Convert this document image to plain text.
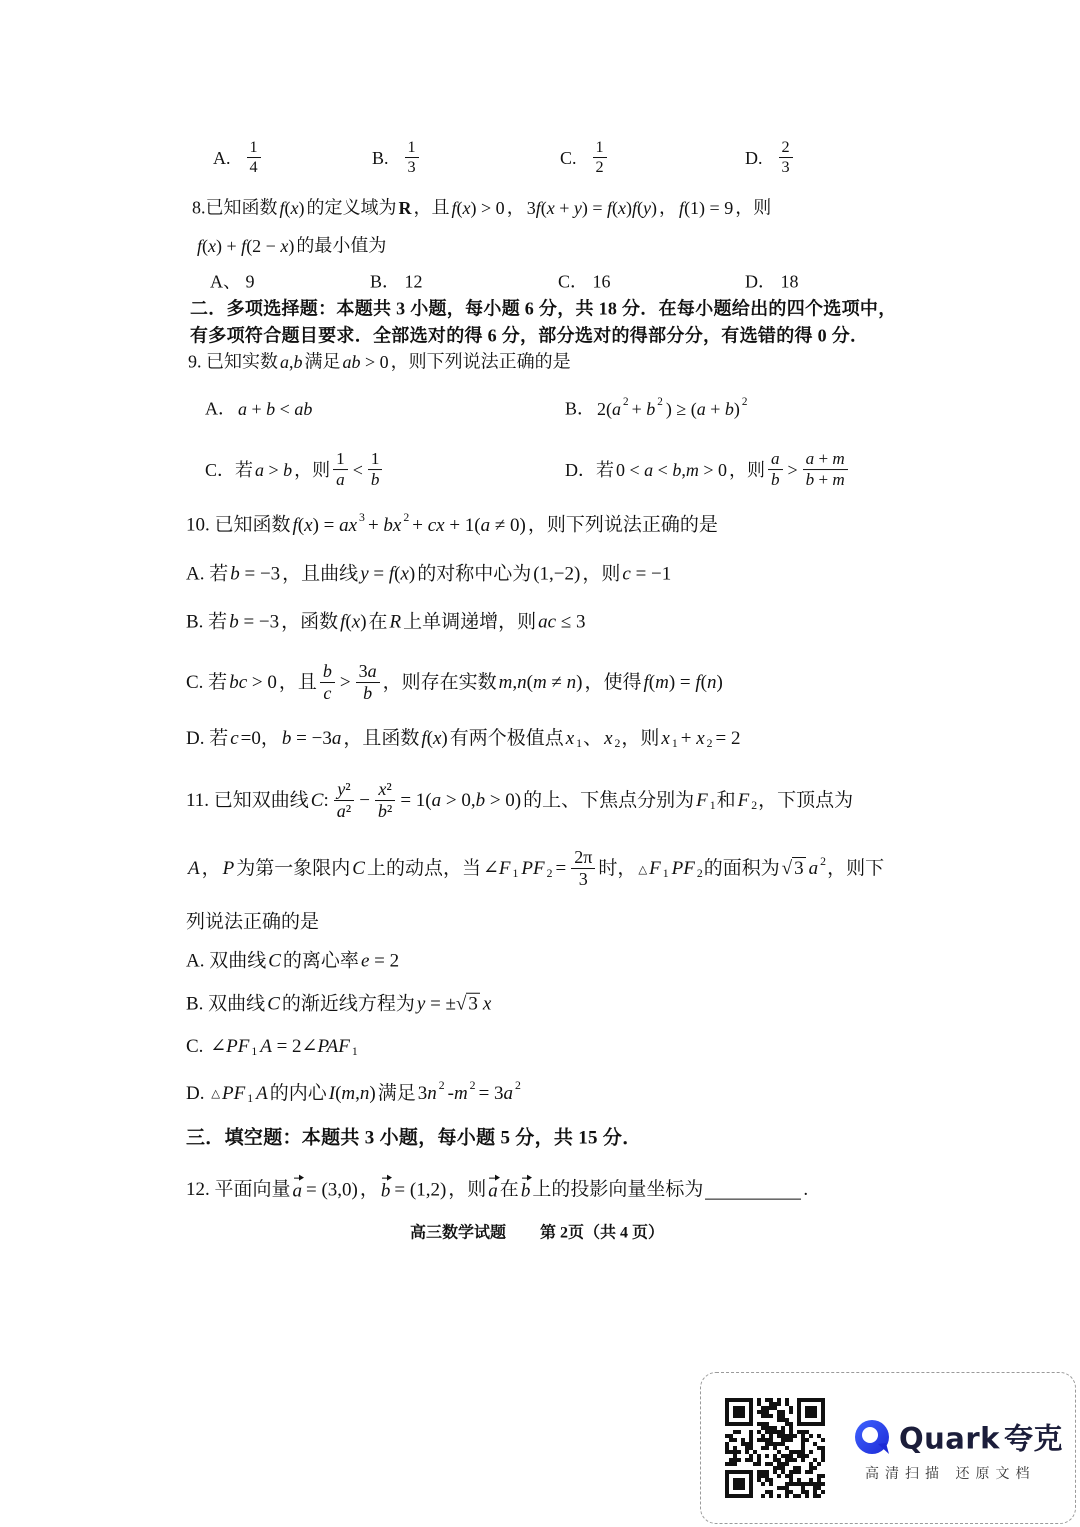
A. $\frac{1}{4}$	B. $\frac{1}{3}$	C. $\frac{1}{2}$	D. $\frac{2}{3}$
8.已知函数 f(x) 的定义域为 R ，且 f(x) > 0 ， 3f(x + y) = f(x)f(y) ， f(1) = 9 ，则
f(x) + f(2 − x) 的最小值为
A、 9	B． 12	C． 16	D． 18
二．多项选择题：本题共 3 小题，每小题 6 分，共 18 分．在每小题给出的四个选项中，
有多项符合题目要求．全部选对的得 6 分，部分选对的得部分分，有选错的得 0 分．
9. 已知实数 a,b 满足 ab > 0 ，则下列说法正确的是
A． a + b < ab	B． 2(a $^2$ + b $^2$ ) ≥ (a + b) $^2$
C．若 a > b ，则 $\frac{1}{a} < \frac{1}{b}$	D．若 0 < a < b,m > 0 ，则 $\frac{a}{b} > \frac{a + m}{b + m}$
10. 已知函数 f(x) = ax $^3$ + bx $^2$ + cx + 1(a ≠ 0) ，则下列说法正确的是
A. 若 b = −3 ，且曲线 y = f(x) 的对称中心为 (1,−2) ，则 c = −1
B. 若 b = −3 ，函数 f(x) 在 R 上单调递增，则 ac ≤ 3
C. 若 bc > 0 ，且 $\frac{b}{c} > \frac{3a}{b}$ ，则存在实数 m,n(m ≠ n) ，使得 f(m) = f(n)
D. 若 c =0， b = −3a ，且函数 f(x) 有两个极值点 x $_1$、 x $_2$，则 x $_1$ + x $_2$ = 2
11. 已知双曲线 C: $\frac{\text{y²}}{\text{a²}} - \frac{\text{x²}}{\text{b²}} = 1(a > 0,b > 0)$ 的上、下焦点分别为 F $_1$和 F $_2$，下顶点为
A ， P 为第一象限内 C 上的动点，当 ∠F $_1$ PF $_2 = \frac{2\pi}{3}$ 时， △ F $_1$ PF $_2$的面积为 √ 3 a $^2$，则下
列说法正确的是
A. 双曲线 C 的离心率 e = 2
B. 双曲线 C 的渐近线方程为 y = ±√ 3 x
C. ∠PF $_1$ A = 2∠PAF $_1$
D. △ PF $_1$ A 的内心 I(m,n) 满足 3n $^2$ -m $^2$ = 3a $^2$
三．填空题：本题共 3 小题，每小题 5 分，共 15 分．
12. 平面向量 a = (3,0) ， b = (1,2) ，则 a 在 b 上的投影向量坐标为	.
高三数学试题 第 2页（共 4 页）
Quark 夸克
高清扫描 还原文档
